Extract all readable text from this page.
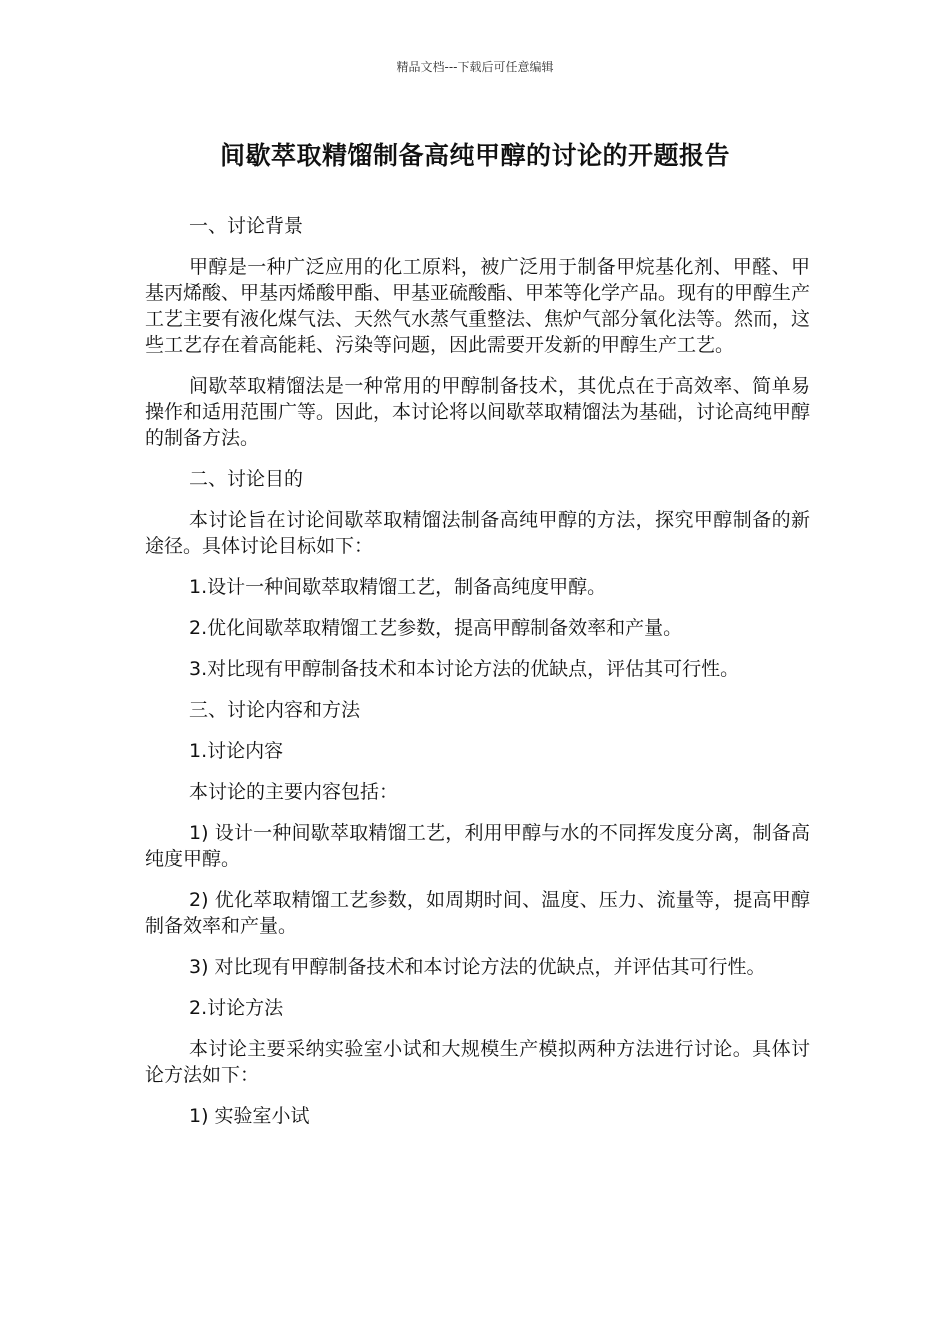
精品文档---下载后可任意编辑
间歇萃取精馏制备高纯甲醇的讨论的开题报告

一、讨论背景

甲醇是一种广泛应用的化工原料，被广泛用于制备甲烷基化剂、甲醛、甲基丙烯酸、甲基丙烯酸甲酯、甲基亚硫酸酯、甲苯等化学产品。现有的甲醇生产工艺主要有液化煤气法、天然气水蒸气重整法、焦炉气部分氧化法等。然而，这些工艺存在着高能耗、污染等问题，因此需要开发新的甲醇生产工艺。

间歇萃取精馏法是一种常用的甲醇制备技术，其优点在于高效率、简单易操作和适用范围广等。因此，本讨论将以间歇萃取精馏法为基础，讨论高纯甲醇的制备方法。

二、讨论目的

本讨论旨在讨论间歇萃取精馏法制备高纯甲醇的方法，探究甲醇制备的新途径。具体讨论目标如下：

1.设计一种间歇萃取精馏工艺，制备高纯度甲醇。

2.优化间歇萃取精馏工艺参数，提高甲醇制备效率和产量。

3.对比现有甲醇制备技术和本讨论方法的优缺点，评估其可行性。

三、讨论内容和方法

1.讨论内容

本讨论的主要内容包括：

1) 设计一种间歇萃取精馏工艺，利用甲醇与水的不同挥发度分离，制备高纯度甲醇。

2) 优化萃取精馏工艺参数，如周期时间、温度、压力、流量等，提高甲醇制备效率和产量。

3) 对比现有甲醇制备技术和本讨论方法的优缺点，并评估其可行性。

2.讨论方法

本讨论主要采纳实验室小试和大规模生产模拟两种方法进行讨论。具体讨论方法如下：

1) 实验室小试
